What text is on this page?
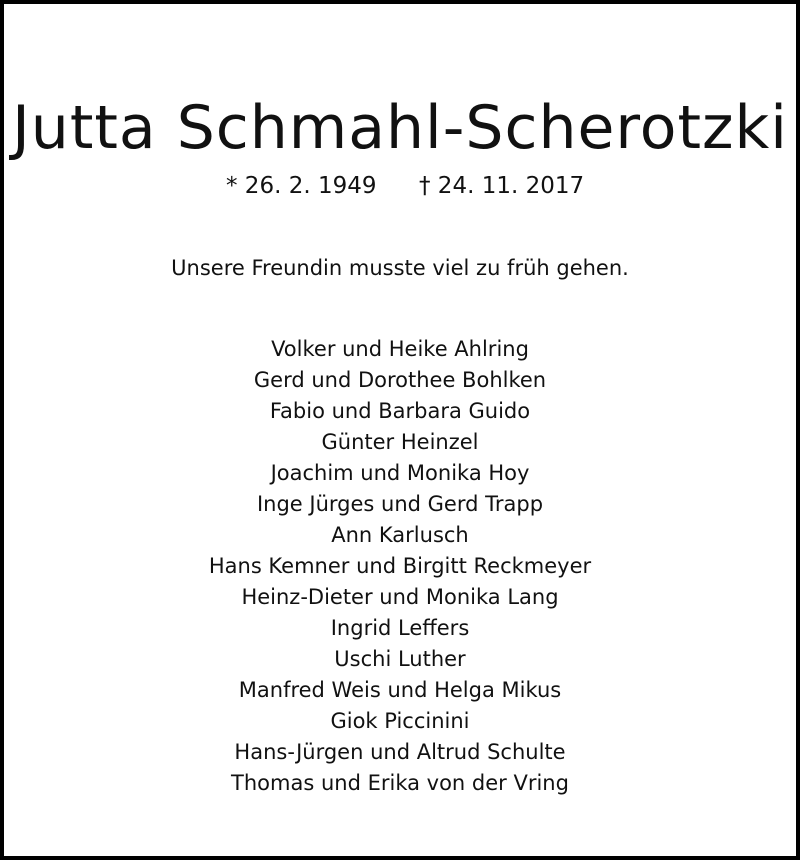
Jutta Schmahl-Scherotzki
* 26. 2. 1949 † 24. 11. 2017
Unsere Freundin musste viel zu früh gehen.
Volker und Heike Ahlring
Gerd und Dorothee Bohlken
Fabio und Barbara Guido
Günter Heinzel
Joachim und Monika Hoy
Inge Jürges und Gerd Trapp
Ann Karlusch
Hans Kemner und Birgitt Reckmeyer
Heinz-Dieter und Monika Lang
Ingrid Leffers
Uschi Luther
Manfred Weis und Helga Mikus
Giok Piccinini
Hans-Jürgen und Altrud Schulte
Thomas und Erika von der Vring
